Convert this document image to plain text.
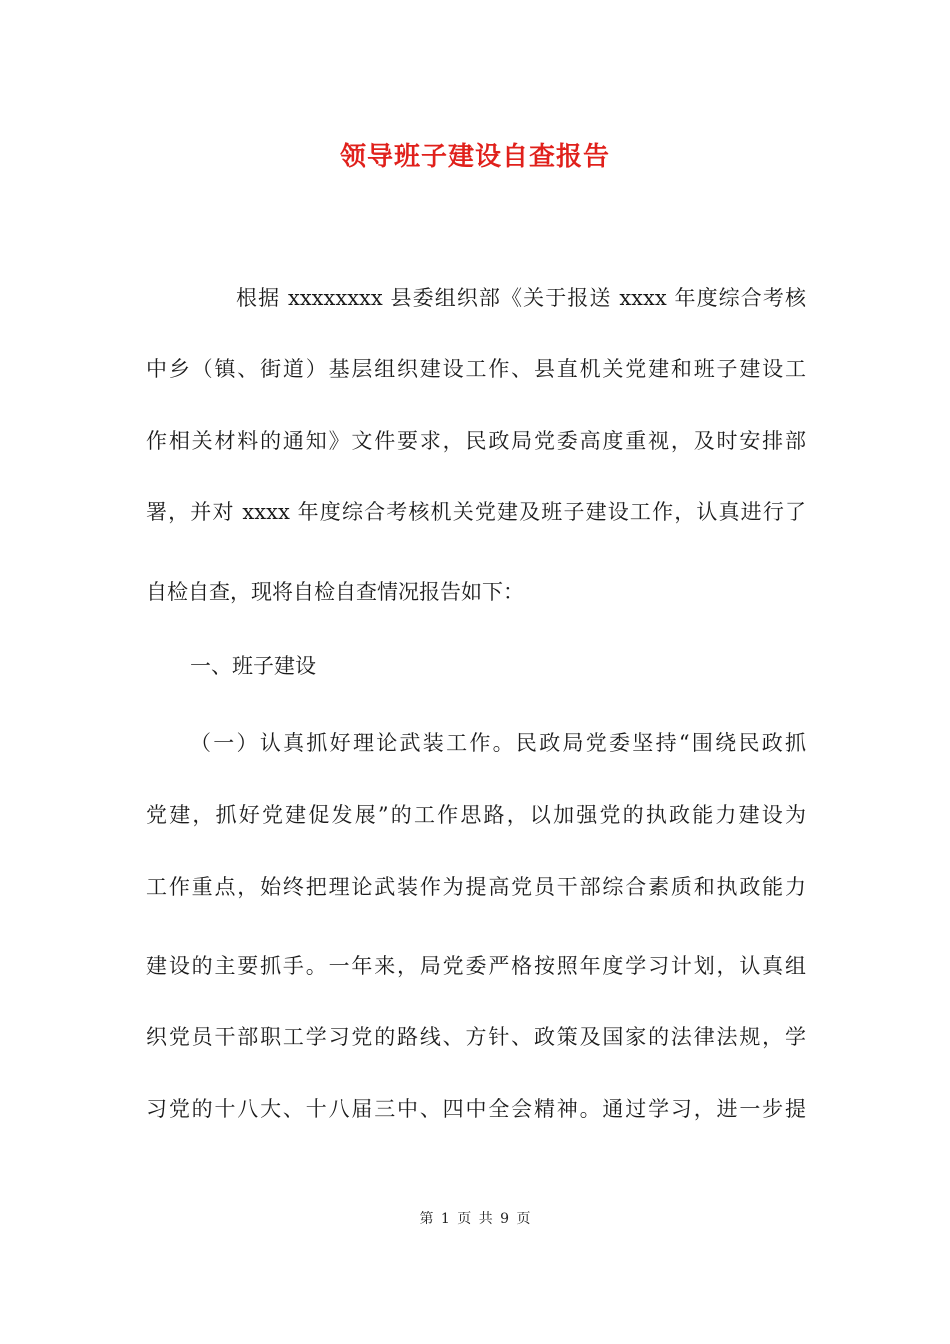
领导班子建设自查报告
根据 xxxxxxxx 县委组织部《关于报送 xxxx 年度综合考核
中乡（镇、街道）基层组织建设工作、县直机关党建和班子建设工
作相关材料的通知》文件要求，民政局党委高度重视，及时安排部
署，并对 xxxx 年度综合考核机关党建及班子建设工作，认真进行了
自检自查，现将自检自查情况报告如下：
一、班子建设
（一）认真抓好理论武装工作。民政局党委坚持“围绕民政抓
党建，抓好党建促发展”的工作思路，以加强党的执政能力建设为
工作重点，始终把理论武装作为提高党员干部综合素质和执政能力
建设的主要抓手。一年来，局党委严格按照年度学习计划，认真组
织党员干部职工学习党的路线、方针、政策及国家的法律法规，学
习党的十八大、十八届三中、四中全会精神。通过学习，进一步提
第 1 页 共 9 页
